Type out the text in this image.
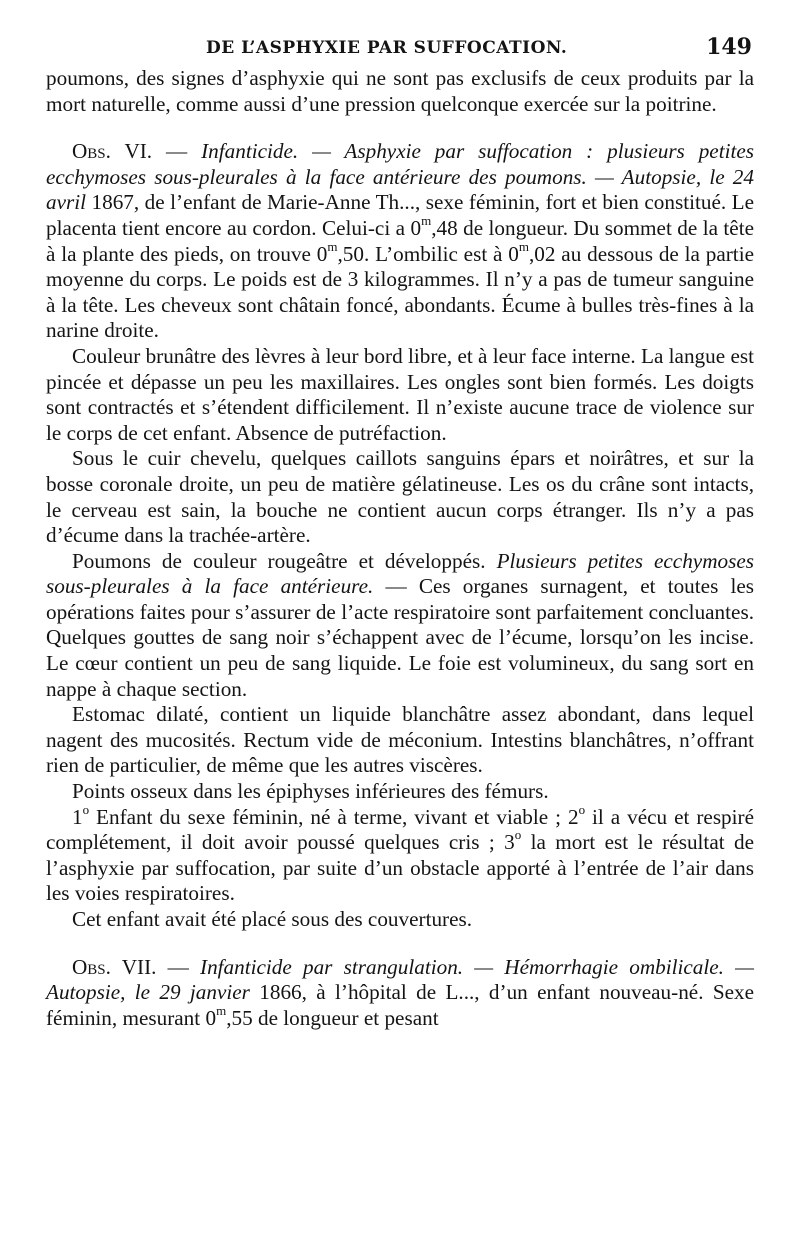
DE L’ASPHYXIE PAR SUFFOCATION.	149

poumons, des signes d’asphyxie qui ne sont pas exclusifs de ceux produits par la mort naturelle, comme aussi d’une pression quelconque exercée sur la poitrine.

Obs. VI. — Infanticide. — Asphyxie par suffocation : plusieurs petites ecchymoses sous-pleurales à la face antérieure des poumons. — Autopsie, le 24 avril 1867, de l’enfant de Marie-Anne Th..., sexe féminin, fort et bien constitué. Le placenta tient encore au cordon. Celui-ci a 0$^m$,48 de longueur. Du sommet de la tête à la plante des pieds, on trouve 0$^m$,50. L’ombilic est à 0$^m$,02 au dessous de la partie moyenne du corps. Le poids est de 3 kilogrammes. Il n’y a pas de tumeur sanguine à la tête. Les cheveux sont châtain foncé, abondants. Écume à bulles très-fines à la narine droite.

Couleur brunâtre des lèvres à leur bord libre, et à leur face interne. La langue est pincée et dépasse un peu les maxillaires. Les ongles sont bien formés. Les doigts sont contractés et s’étendent difficilement. Il n’existe aucune trace de violence sur le corps de cet enfant. Absence de putréfaction.

Sous le cuir chevelu, quelques caillots sanguins épars et noirâtres, et sur la bosse coronale droite, un peu de matière gélatineuse. Les os du crâne sont intacts, le cerveau est sain, la bouche ne contient aucun corps étranger. Ils n’y a pas d’écume dans la trachée-artère.

Poumons de couleur rougeâtre et développés. Plusieurs petites ecchymoses sous-pleurales à la face antérieure. — Ces organes surnagent, et toutes les opérations faites pour s’assurer de l’acte respiratoire sont parfaitement concluantes. Quelques gouttes de sang noir s’échappent avec de l’écume, lorsqu’on les incise. Le cœur contient un peu de sang liquide. Le foie est volumineux, du sang sort en nappe à chaque section.

Estomac dilaté, contient un liquide blanchâtre assez abondant, dans lequel nagent des mucosités. Rectum vide de méconium. Intestins blanchâtres, n’offrant rien de particulier, de même que les autres viscères.

Points osseux dans les épiphyses inférieures des fémurs.

1$^o$ Enfant du sexe féminin, né à terme, vivant et viable ; 2$^o$ il a vécu et respiré complétement, il doit avoir poussé quelques cris ; 3$^o$ la mort est le résultat de l’asphyxie par suffocation, par suite d’un obstacle apporté à l’entrée de l’air dans les voies respiratoires.

Cet enfant avait été placé sous des couvertures.

Obs. VII. — Infanticide par strangulation. — Hémorrhagie ombilicale. — Autopsie, le 29 janvier 1866, à l’hôpital de L..., d’un enfant nouveau-né. Sexe féminin, mesurant 0$^m$,55 de longueur et pesant
